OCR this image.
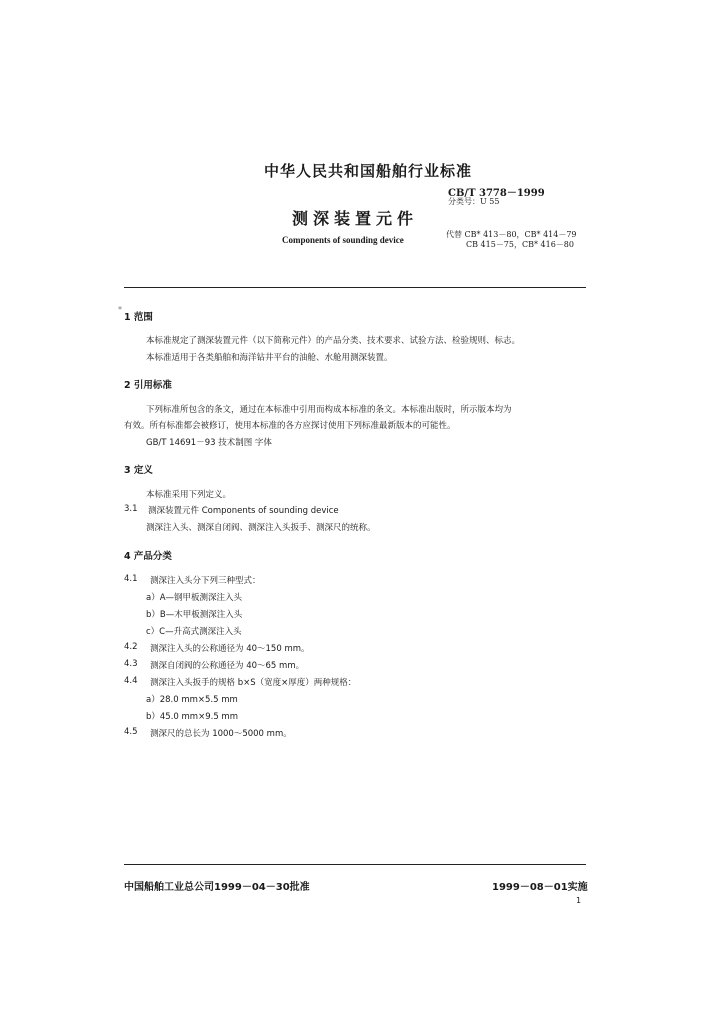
中华人民共和国船舶行业标准
CB/T 3778－1999
分类号：U 55
测深装置元件
Components of sounding device
代替 CB* 413－80，CB* 414－79
CB 415－75，CB* 416－80
*
1 范围
本标准规定了测深装置元件（以下简称元件）的产品分类、技术要求、试验方法、检验规则、标志。
本标准适用于各类船舶和海洋钻井平台的油舱、水舱用测深装置。
2 引用标准
下列标准所包含的条文，通过在本标准中引用而构成本标准的条文。本标准出版时，所示版本均为
有效。所有标准都会被修订，使用本标准的各方应探讨使用下列标准最新版本的可能性。
GB/T 14691－93 技术制图 字体
3 定义
本标准采用下列定义。
3.1 测深装置元件 Components of sounding device
测深注入头、测深自闭阀、测深注入头扳手、测深尺的统称。
4 产品分类
4.1 测深注入头分下列三种型式：
a）A—钢甲板测深注入头
b）B—木甲板测深注入头
c）C—升高式测深注入头
4.2 测深注入头的公称通径为 40～150 mm。
4.3 测深自闭阀的公称通径为 40～65 mm。
4.4 测深注入头扳手的规格 b×S（宽度×厚度）两种规格：
a）28.0 mm×5.5 mm
b）45.0 mm×9.5 mm
4.5 测深尺的总长为 1000～5000 mm。
中国船舶工业总公司1999－04－30批准	1999－08－01实施
1
